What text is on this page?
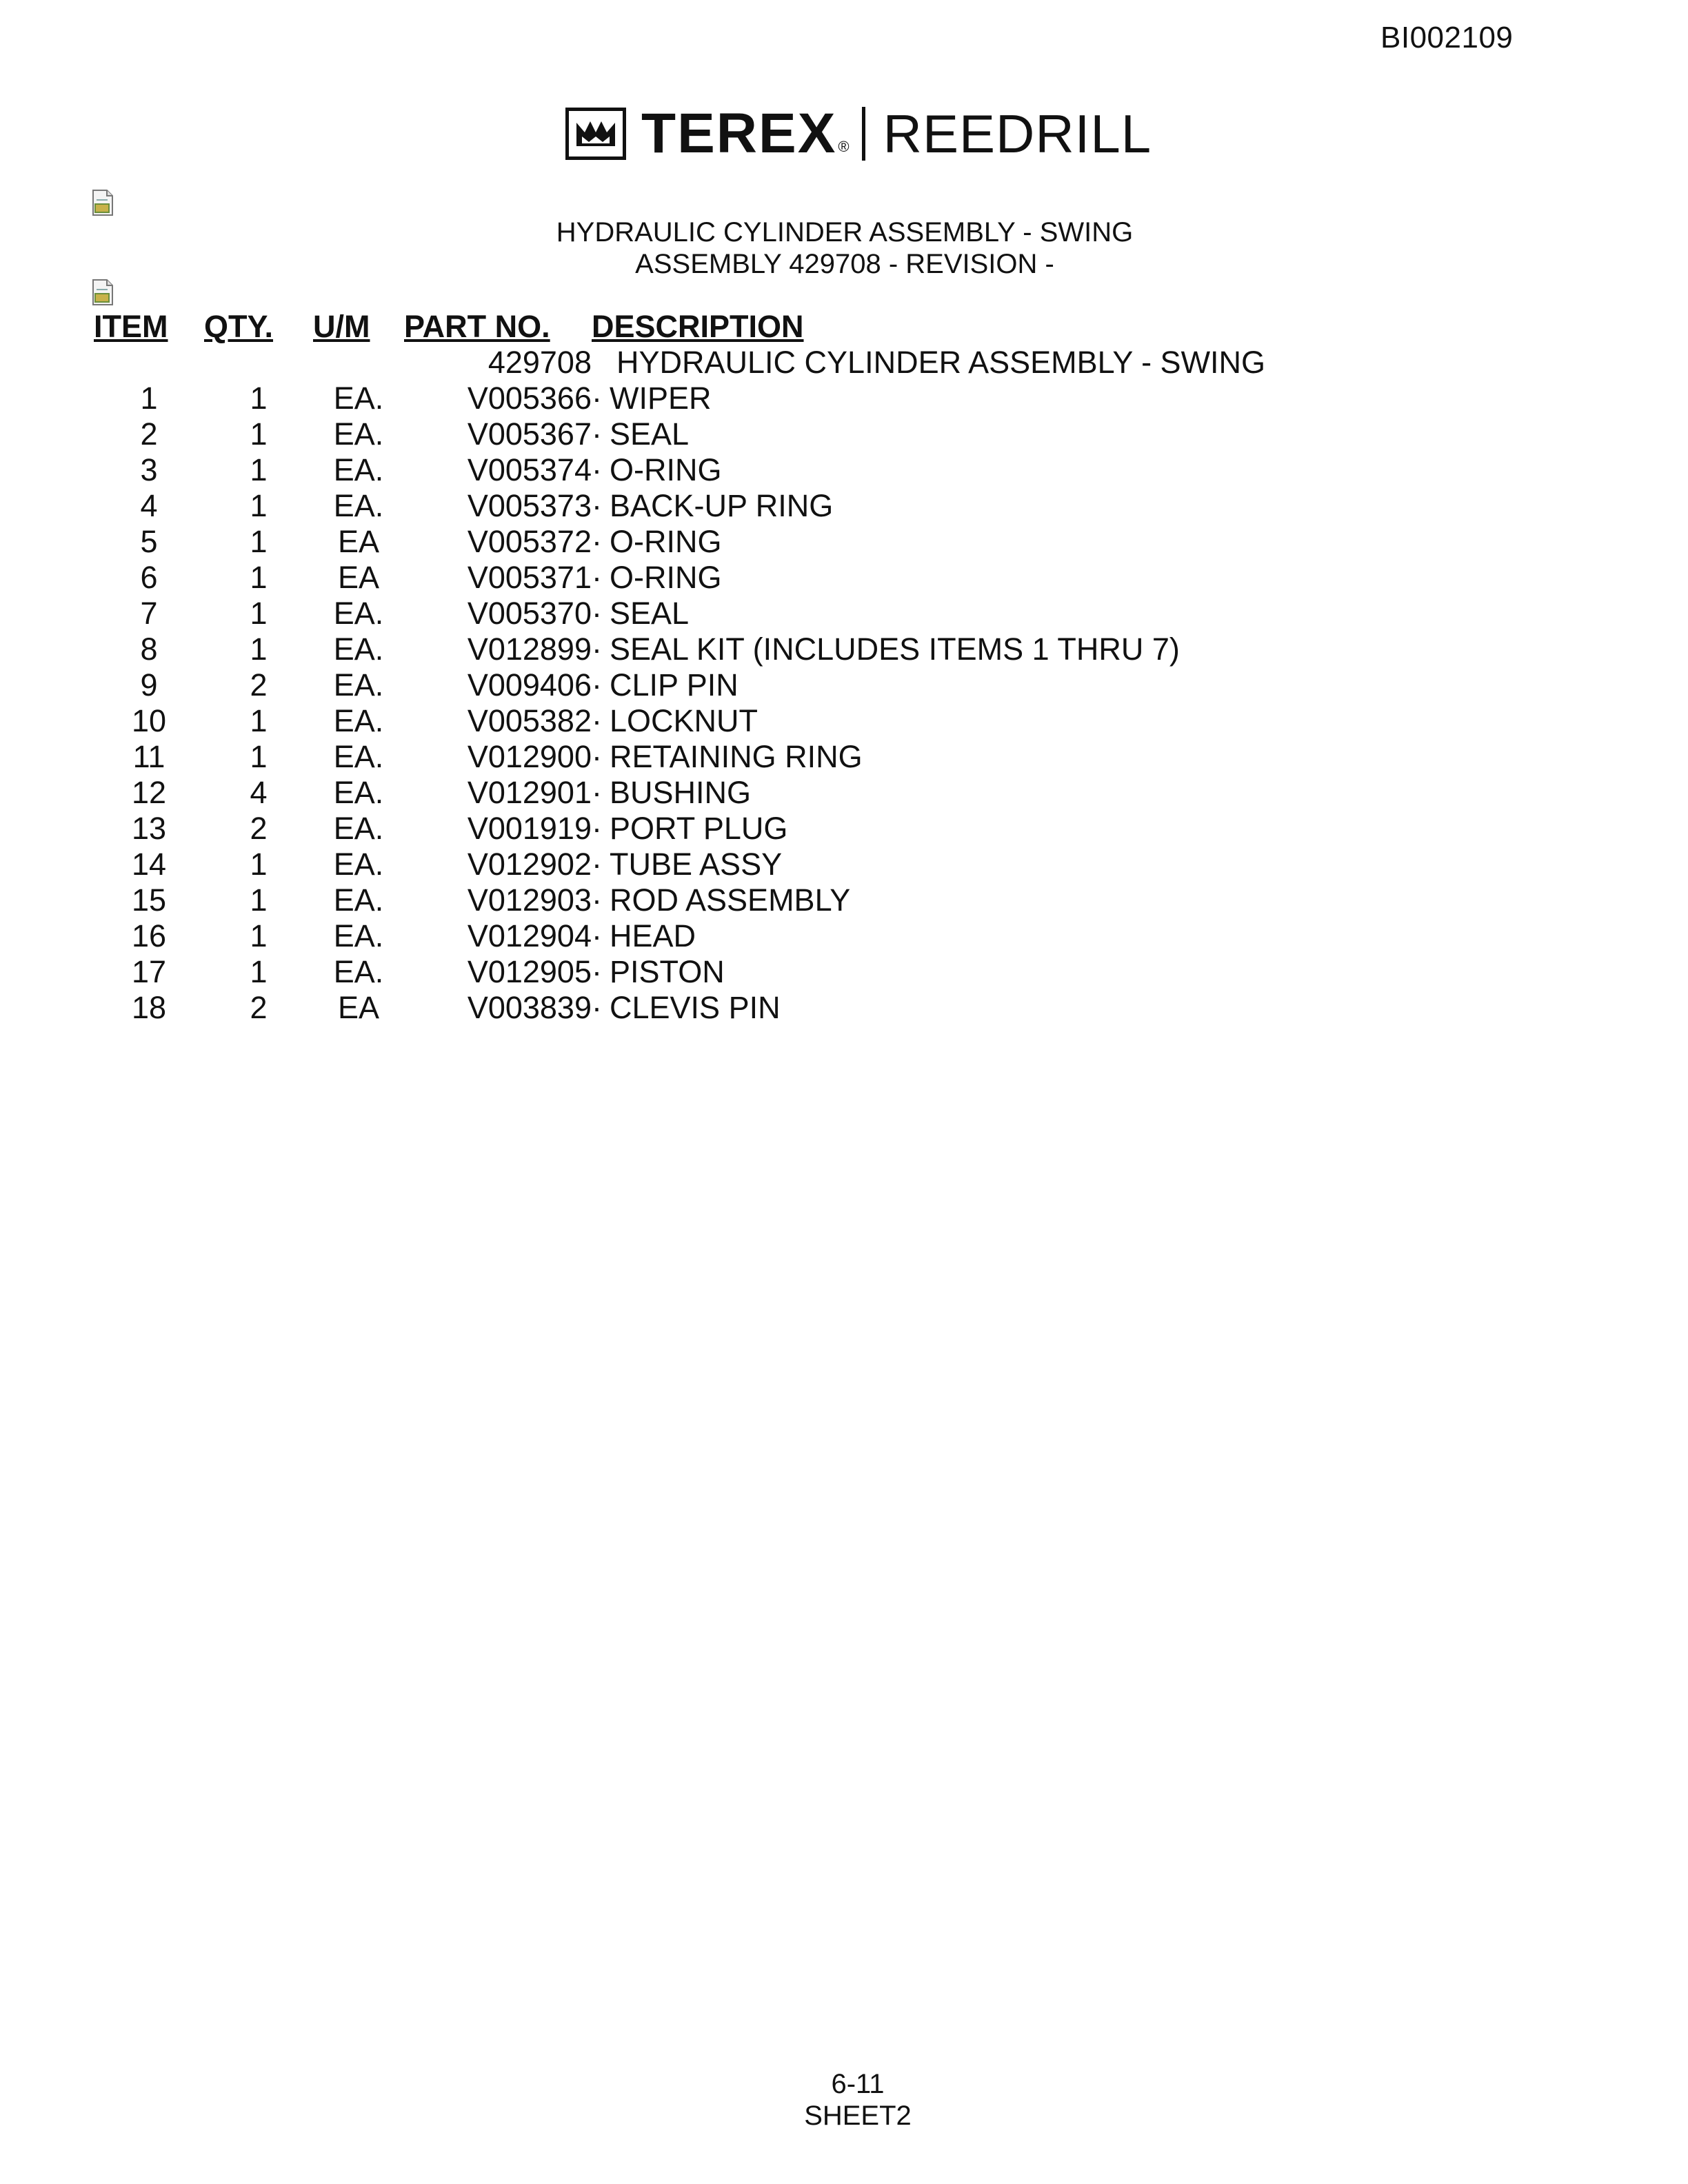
BI002109
TEREX ® REEDRILL
HYDRAULIC CYLINDER ASSEMBLY - SWING
ASSEMBLY 429708 - REVISION -
ITEM	QTY.	U/M	PART NO.	DESCRIPTION
			429708	HYDRAULIC CYLINDER ASSEMBLY - SWING
1	1	EA.	V005366	· WIPER
2	1	EA.	V005367	· SEAL
3	1	EA.	V005374	· O-RING
4	1	EA.	V005373	· BACK-UP RING
5	1	EA	V005372	· O-RING
6	1	EA	V005371	· O-RING
7	1	EA.	V005370	· SEAL
8	1	EA.	V012899	· SEAL KIT (INCLUDES ITEMS 1 THRU 7)
9	2	EA.	V009406	· CLIP PIN
10	1	EA.	V005382	· LOCKNUT
11	1	EA.	V012900	· RETAINING RING
12	4	EA.	V012901	· BUSHING
13	2	EA.	V001919	· PORT PLUG
14	1	EA.	V012902	· TUBE ASSY
15	1	EA.	V012903	· ROD ASSEMBLY
16	1	EA.	V012904	· HEAD
17	1	EA.	V012905	· PISTON
18	2	EA	V003839	· CLEVIS PIN
6-11
SHEET2
